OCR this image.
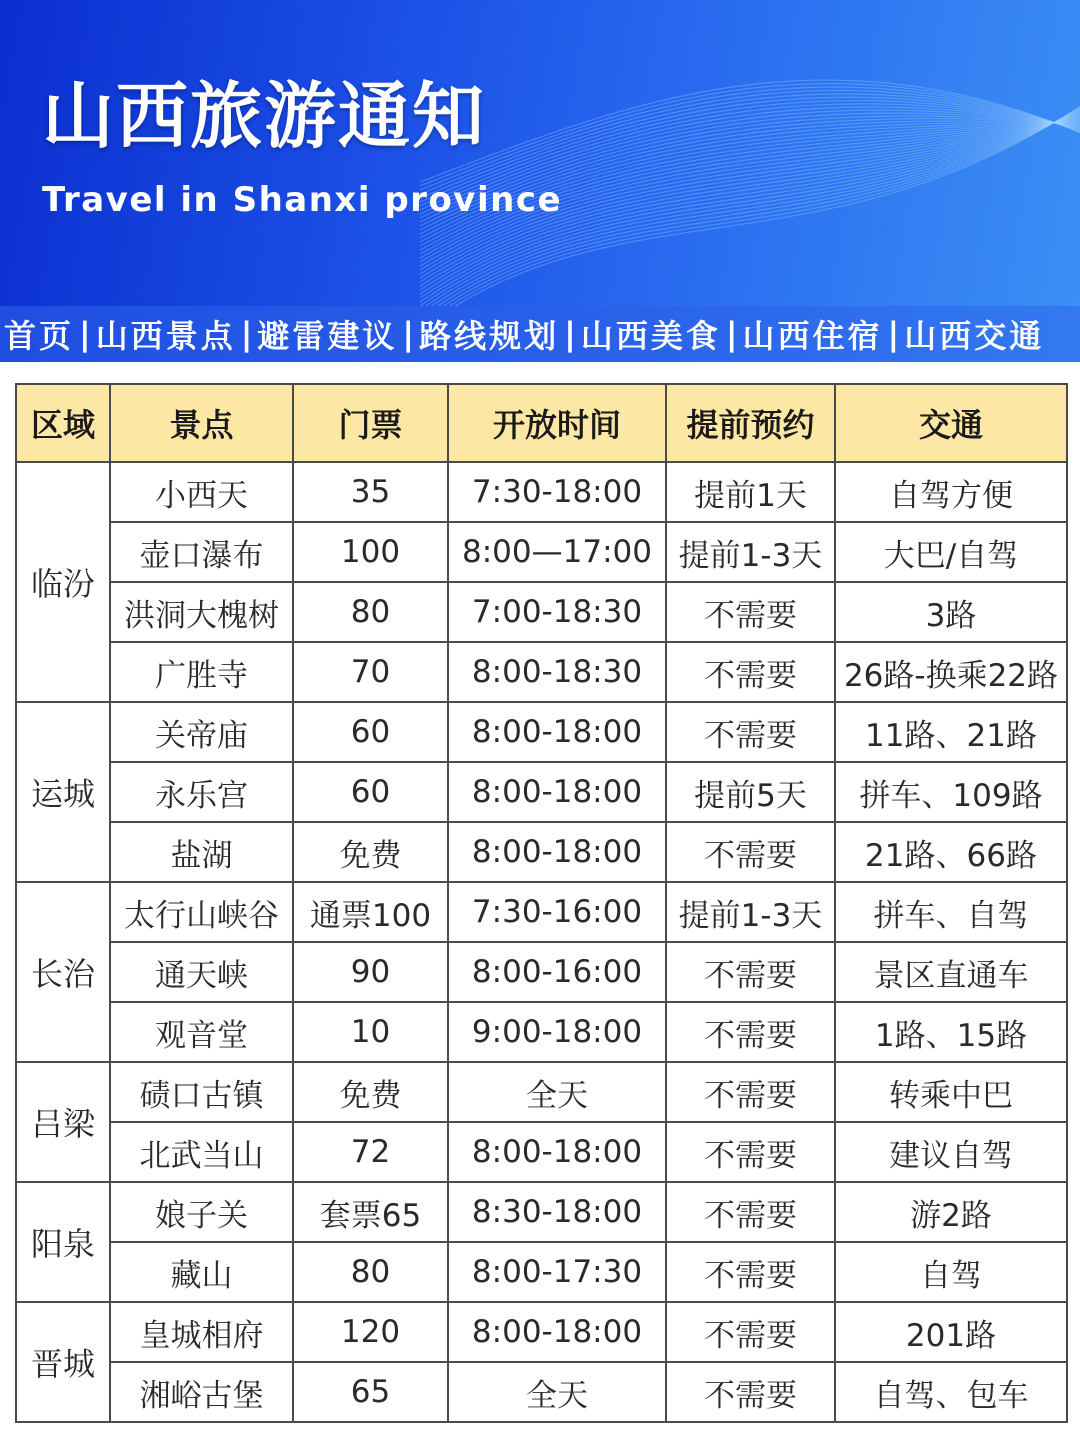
山西旅游通知
Travel in Shanxi province
首页 | 山西景点 | 避雷建议 | 路线规划 | 山西美食 | 山西住宿 | 山西交通
区域	景点	门票	开放时间	提前预约	交通
临汾	小西天	35	7:30-18:00	提前1天	自驾方便
	壶口瀑布	100	8:00—17:00	提前1-3天	大巴/自驾
	洪洞大槐树	80	7:00-18:30	不需要	3路
	广胜寺	70	8:00-18:30	不需要	26路-换乘22路
运城	关帝庙	60	8:00-18:00	不需要	11路、21路
	永乐宫	60	8:00-18:00	提前5天	拼车、109路
	盐湖	免费	8:00-18:00	不需要	21路、66路
长治	太行山峡谷	通票100	7:30-16:00	提前1-3天	拼车、自驾
	通天峡	90	8:00-16:00	不需要	景区直通车
	观音堂	10	9:00-18:00	不需要	1路、15路
吕梁	碛口古镇	免费	全天	不需要	转乘中巴
	北武当山	72	8:00-18:00	不需要	建议自驾
阳泉	娘子关	套票65	8:30-18:00	不需要	游2路
	藏山	80	8:00-17:30	不需要	自驾
晋城	皇城相府	120	8:00-18:00	不需要	201路
	湘峪古堡	65	全天	不需要	自驾、包车
